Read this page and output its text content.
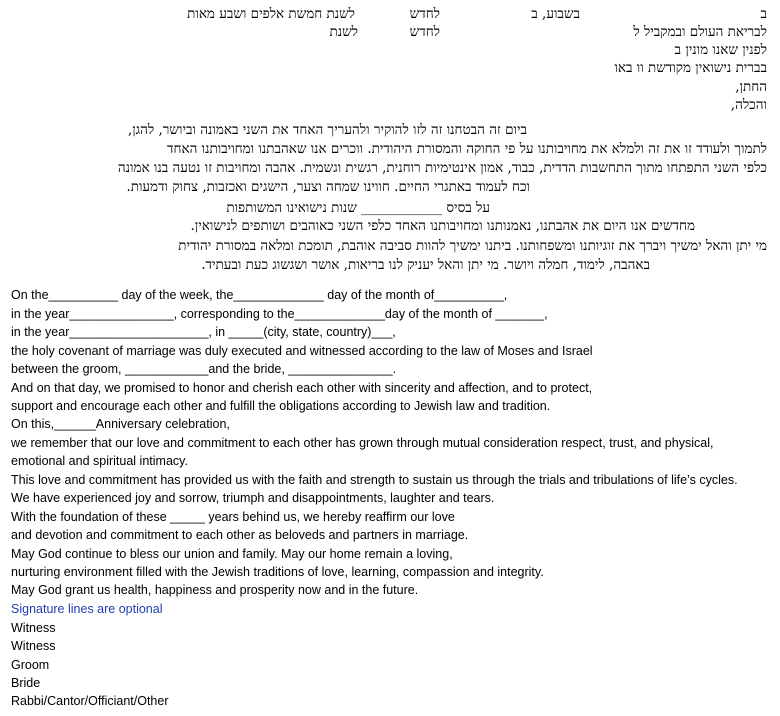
ב
לבריאת העולם ובמקביל ל
לפנין שאנו מונין ב
בברית נישואין מקודשת וו באו
החתן,
והכלה,
בשבוע, ב
לחדש
לחדש
לשנת
לשנת חמשת אלפים ושבע מאות
ביום זה הבטחנו זה לזו להוקיר ולהעריך האחד את השני באמונה וביושר, להגן,
לתמוך ולעודד זו את זה ולמלא את מחויבותנו על פי החוקה והמסורת היהודית. ווכרים אנו שאהבתנו ומחויבותנו האחד
כלפי השני התפתחו מתוך התחשבות הדדית, כבוד, אמון אינטימיות רוחנית, רגשית וגשמית. אהבה ומחויבות זו נטעה בנו אמונה
וכח לעמוד באתגרי החיים. חווינו שמחה וצער, הישגים ואכזבות, צחוק ודמעות.
על בסיס ____________ שנות נישואינו המשותפות
מחדשים אנו היום את אהבתנו, נאמנותנו ומחויבותנו האחד כלפי השני כאוהבים ושותפים לנישואין.
מי יתן והאל ימשיך ויברך את זוגיותנו ומשפחותנו. ביתנו ימשיך להוות סביבה אוהבת, תומכת ומלאה במסורת יהודית
באהבה, לימוד, חמלה ויושר. מי יתן והאל יעניק לנו בריאות, אושר ושגשוג כעת ובעתיד.
On the__________ day of the week, the_____________ day of the month of__________,
in the year_______________, corresponding to the_____________day of the month of _______,
in the year____________________, in _____(city, state, country)___,
the holy covenant of marriage was duly executed and witnessed according to the law of Moses and Israel
between the groom, ____________and the bride, _______________.
And on that day, we promised to honor and cherish each other with sincerity and affection, and to protect,
support and encourage each other and fulfill the obligations according to Jewish law and tradition.
On this,______Anniversary celebration,
we remember that our love and commitment to each other has grown through mutual consideration respect, trust, and physical,
emotional and spiritual intimacy.
This love and commitment has provided us with the faith and strength to sustain us through the trials and tribulations of life’s cycles.
We have experienced joy and sorrow, triumph and disappointments, laughter and tears.
With the foundation of these _____ years behind us, we hereby reaffirm our love
and devotion and commitment to each other as beloveds and partners in marriage.
May God continue to bless our union and family. May our home remain a loving,
nurturing environment filled with the Jewish traditions of love, learning, compassion and integrity.
May God grant us health, happiness and prosperity now and in the future.
Signature lines are optional
Witness
Witness
Groom
Bride
Rabbi/Cantor/Officiant/Other
